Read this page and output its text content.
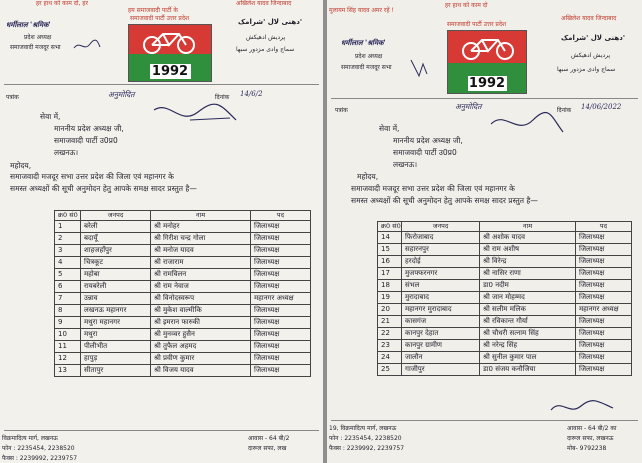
हर हाथ को काम दो, हर
हम समाजवादी पार्टी के
अखिलेश यादव जिन्दाबाद
धर्मीलाल 'श्रमिक'
प्रदेश अध्यक्ष
समाजवादी मजदूर सभा
समाजवादी पार्टी उत्तर प्रदेश
1992
دھنی لال 'شرامک'
پردیش ادھیکش
سماج وادی مزدور سبھا
पत्रांक	दिनांक 14/6/2
अनुमोदित
सेवा में,
माननीय प्रदेश अध्यक्ष जी,
समाजवादी पार्टी उ0प्र0
लखनऊ।
महोदय,
समाजवादी मजदूर सभा उत्तर प्रदेश की जिला एवं महानगर के
समस्त अध्यक्षों की सूची अनुमोदन हेतु आपके समक्ष सादर प्रस्तुत है—
क्र0 सं0	जनपद	नाम	पद
1	बरेली	श्री मनोहर	जिलाध्यक्ष
2	बदायूँ	श्री गिरीश चन्द्र गोला	जिलाध्यक्ष
3	शाहजहाँपुर	श्री मनोज यादव	जिलाध्यक्ष
4	चित्रकूट	श्री राजाराम	जिलाध्यक्ष
5	महोबा	श्री रामविलन	जिलाध्यक्ष
6	रायबरेली	श्री राम नेवाज	जिलाध्यक्ष
7	उन्नाव	श्री विनोदस्वरूप	महानगर अध्यक्ष
8	लखनऊ महानगर	श्री मुकेश वाल्मीकि	जिलाध्यक्ष
9	मथुरा महानगर	श्री इमरान फारुकी	जिलाध्यक्ष
10	मथुरा	श्री मुनव्वर हुसैन	जिलाध्यक्ष
11	पीलीभीत	श्री तुफैल अहमद	जिलाध्यक्ष
12	हापुड़	श्री प्रवीण कुमार	जिलाध्यक्ष
13	सीतापुर	श्री विजय यादव	जिलाध्यक्ष
विक्रमादित्य मार्ग, लखनऊ
फोन : 2235454, 2238520
फैक्स : 2239992, 2239757
आवास - 64 बी/2
दारूल सफा, लख
मुलायम सिंह यादव अमर रहें !
हर हाथ को काम दो
अखिलेश यादव जिन्दाबाद
धर्मीलाल 'श्रमिक'
प्रदेश अध्यक्ष
समाजवादी मजदूर सभा
समाजवादी पार्टी उत्तर प्रदेश
1992
دھنی لال 'شرامک'
پردیش ادھیکش
سماج وادی مزدور سبھا
पत्रांक	दिनांक 14/06/2022
अनुमोदित
सेवा में,
माननीय प्रदेश अध्यक्ष जी,
समाजवादी पार्टी उ0प्र0
लखनऊ।
महोदय,
समाजवादी मजदूर सभा उत्तर प्रदेश की जिला एवं महानगर के
समस्त अध्यक्षों की सूची अनुमोदन हेतु आपके समक्ष सादर प्रस्तुत है—
क्र0 सं0	जनपद	नाम	पद
14	फिरोजाबाद	श्री अशोक यादव	जिलाध्यक्ष
15	सहारनपुर	श्री राम अशीष	जिलाध्यक्ष
16	हरदोई	श्री विरेन्द्र	जिलाध्यक्ष
17	मुजफ्फरनगर	श्री नासिर राणा	जिलाध्यक्ष
18	संभल	डा0 नदीम	जिलाध्यक्ष
19	मुरादाबाद	श्री जान मोहम्मद	जिलाध्यक्ष
20	महानगर मुरादाबाद	श्री सलीम मलिक	महानगर अध्यक्ष
21	कासगंज	श्री रविकान्त गौर्या	जिलाध्यक्ष
22	कानपुर देहात	श्री चौधरी सत्नाम सिंह	जिलाध्यक्ष
23	कानपुर ग्रामीण	श्री नरेन्द्र सिंह	जिलाध्यक्ष
24	जालौन	श्री सुनील कुमार पाल	जिलाध्यक्ष
25	गाजीपुर	डा0 संजय कनौजिया	जिलाध्यक्ष
19, विक्रमादित्य मार्ग, लखनऊ
फोन : 2235454, 2238520
फैक्स : 2239992, 2239757
आवास - 64 बी/2 का
दारूल सफा, लखनऊ
मोब- 9792238
